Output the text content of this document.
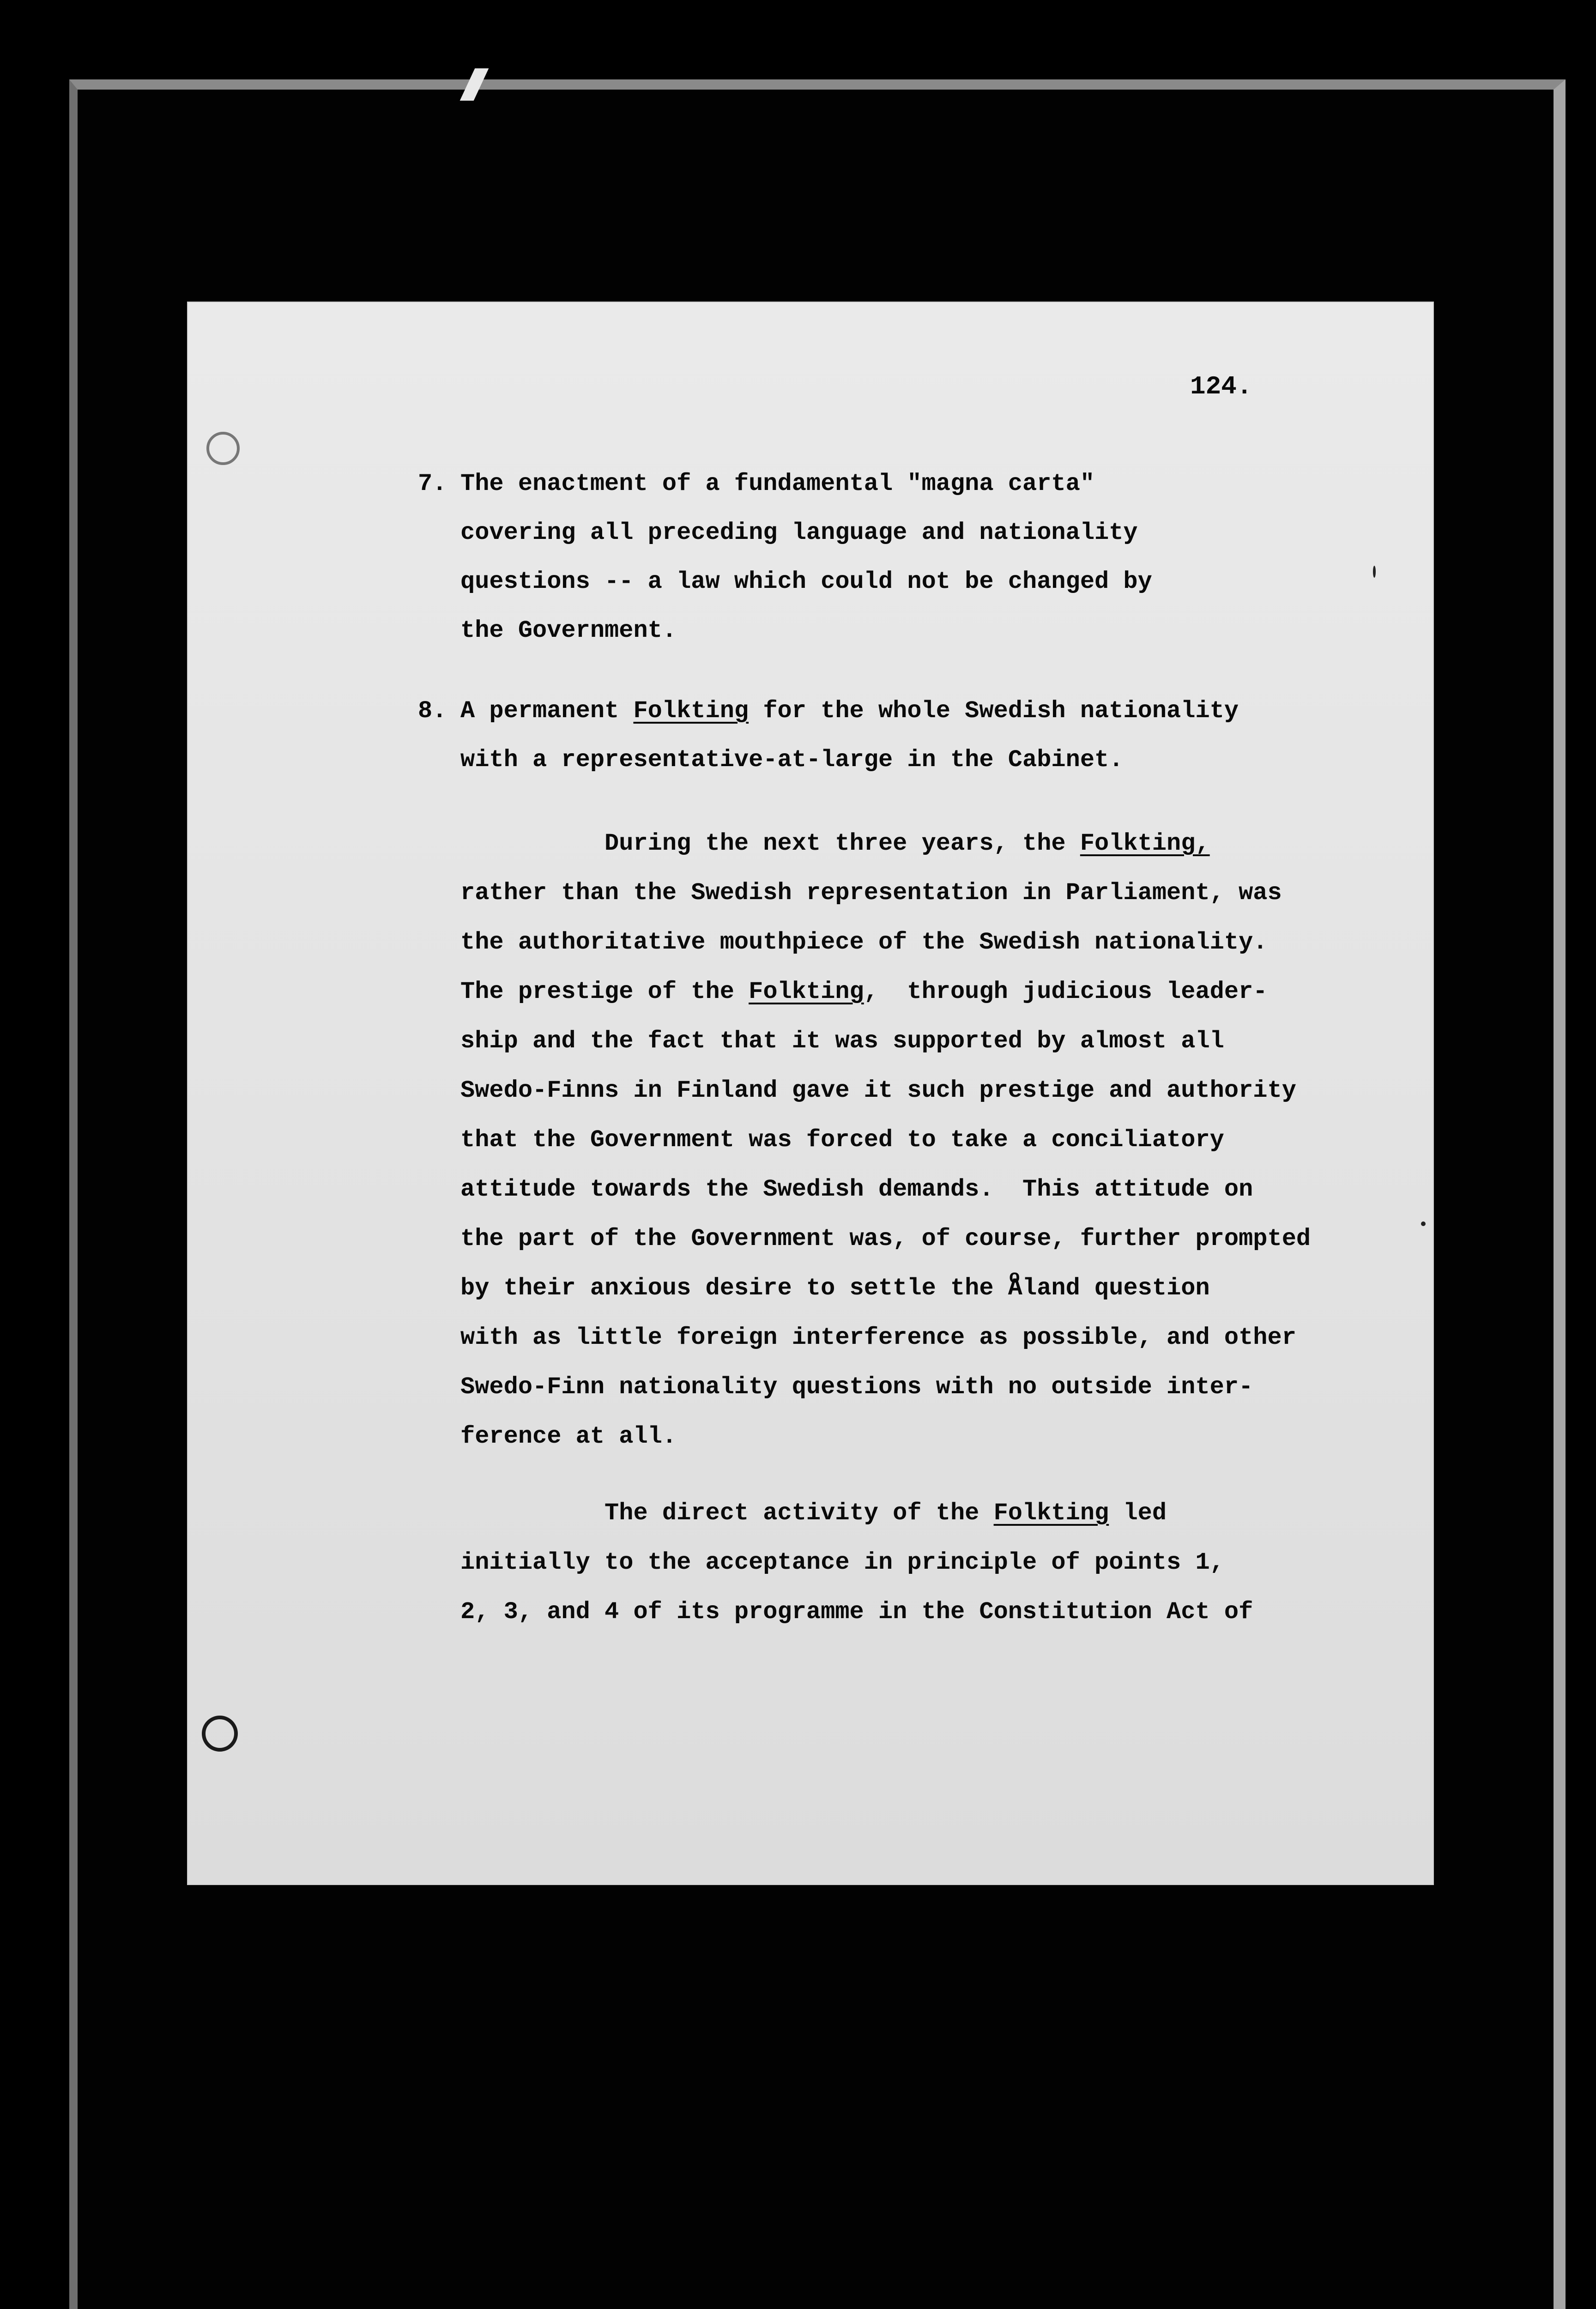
124.
7. The enactment of a fundamental "magna carta"
covering all preceding language and nationality
questions -- a law which could not be changed by
the Government.
8. A permanent Folkting for the whole Swedish nationality
with a representative-at-large in the Cabinet.
During the next three years, the Folkting,
rather than the Swedish representation in Parliament, was
the authoritative mouthpiece of the Swedish nationality.
The prestige of the Folkting,  through judicious leader-
ship and the fact that it was supported by almost all
Swedo-Finns in Finland gave it such prestige and authority
that the Government was forced to take a conciliatory
attitude towards the Swedish demands.  This attitude on
the part of the Government was, of course, further prompted
by their anxious desire to settle the o Aland question
with as little foreign interference as possible, and other
Swedo-Finn nationality questions with no outside inter-
ference at all.
The direct activity of the Folkting led
initially to the acceptance in principle of points 1,
2, 3, and 4 of its programme in the Constitution Act of
